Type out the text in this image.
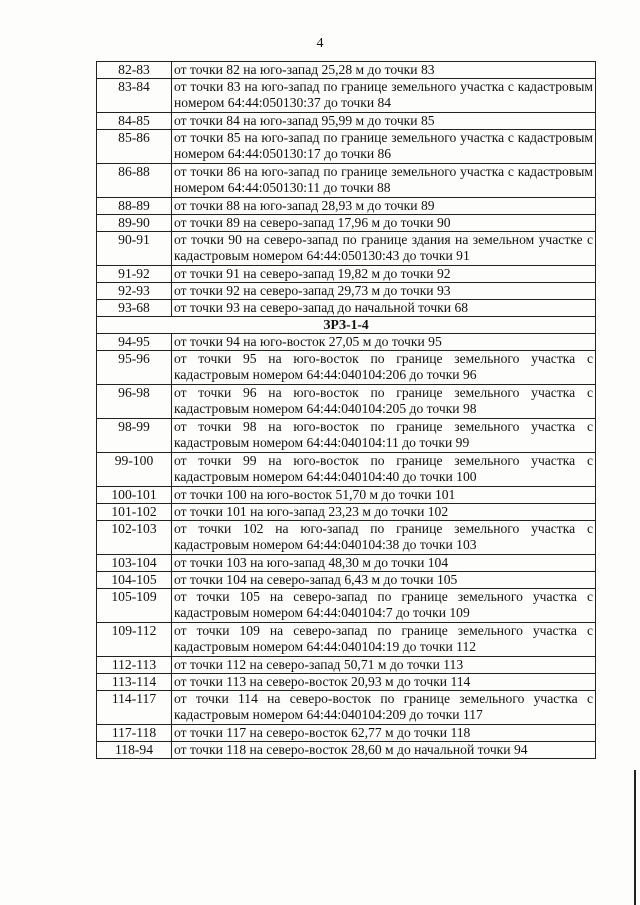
4
82-83	от точки 82 на юго-запад 25,28 м до точки 83
83-84	от точки 83 на юго-запад по границе земельного участка с кадастровым номером 64:44:050130:37 до точки 84
84-85	от точки 84 на юго-запад 95,99 м до точки 85
85-86	от точки 85 на юго-запад по границе земельного участка с кадастровым номером 64:44:050130:17 до точки 86
86-88	от точки 86 на юго-запад по границе земельного участка с кадастровым номером 64:44:050130:11 до точки 88
88-89	от точки 88 на юго-запад 28,93 м до точки 89
89-90	от точки 89 на северо-запад 17,96 м до точки 90
90-91	от точки 90 на северо-запад по границе здания на земельном участке с кадастровым номером 64:44:050130:43 до точки 91
91-92	от точки 91 на северо-запад 19,82 м до точки 92
92-93	от точки 92 на северо-запад 29,73 м до точки 93
93-68	от точки 93 на северо-запад до начальной точки 68
ЗРЗ-1-4	
94-95	от точки 94 на юго-восток 27,05 м до точки 95
95-96	от точки 95 на юго-восток по границе земельного участка с кадастровым номером 64:44:040104:206 до точки 96
96-98	от точки 96 на юго-восток по границе земельного участка с кадастровым номером 64:44:040104:205 до точки 98
98-99	от точки 98 на юго-восток по границе земельного участка с кадастровым номером 64:44:040104:11 до точки 99
99-100	от точки 99 на юго-восток по границе земельного участка с кадастровым номером 64:44:040104:40 до точки 100
100-101	от точки 100 на юго-восток 51,70 м до точки 101
101-102	от точки 101 на юго-запад 23,23 м до точки 102
102-103	от точки 102 на юго-запад по границе земельного участка с кадастровым номером 64:44:040104:38 до точки 103
103-104	от точки 103 на юго-запад 48,30 м до точки 104
104-105	от точки 104 на северо-запад 6,43 м до точки 105
105-109	от точки 105 на северо-запад по границе земельного участка с кадастровым номером 64:44:040104:7 до точки 109
109-112	от точки 109 на северо-запад по границе земельного участка с кадастровым номером 64:44:040104:19 до точки 112
112-113	от точки 112 на северо-запад 50,71 м до точки 113
113-114	от точки 113 на северо-восток 20,93 м до точки 114
114-117	от точки 114 на северо-восток по границе земельного участка с кадастровым номером 64:44:040104:209 до точки 117
117-118	от точки 117 на северо-восток 62,77 м до точки 118
118-94	от точки 118 на северо-восток 28,60 м до начальной точки 94
